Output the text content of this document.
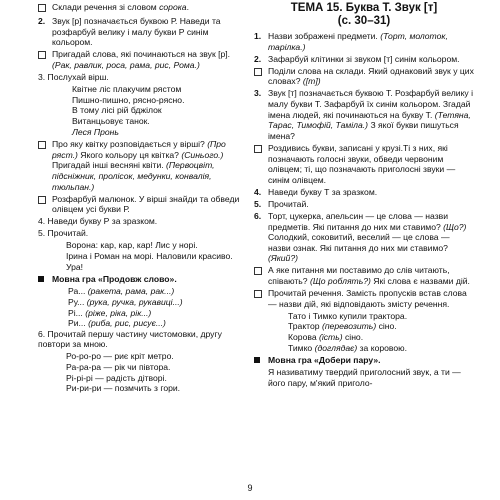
Склади речення зі словом сорока.
2. Звук [р] позначається буквою Р. Наведи та розфарбуй велику і малу букви Р синім кольором.
Пригадай слова, які починаються на звук [р]. (Рак, равлик, роса, рама, рис, Рома.)
3. Послухай вірш.
Квітне ліс плакучим рястом
Пишно-пишно, рясно-рясно.
В тому лісі рій бджілок
Витанцьовує танок.
Леся Пронь
Про яку квітку розповідається у вірші? (Про ряст.) Якого кольору ця квітка? (Синього.) Пригадай інші весняні квіти. (Первоцвіт, підсніжник, пролісок, медунки, конвалія, тюльпан.)
Розфарбуй малюнок. У вірші знайди та обведи олівцем усі букви Р.
4. Наведи букву Р за зразком.
5. Прочитай.
Ворона: кар, кар, кар! Лис у норі.
Ірина і Роман на морі. Наловили красиво. Ура!
Мовна гра «Продовж слово».
Ра... (ракета, рама, рак...)
Ру... (рука, ручка, рукавиці...)
Рі... (ріже, ріка, рік...)
Ри... (риба, рис, рисує...)
6. Прочитай першу частину чистомовки, другу повтори за мною.
Ро-ро-ро — риє кріт метро.
Ра-ра-ра — рік чи півтора.
Рі-рі-рі — радість дітворі.
Ри-ри-ри — позмчить з гори.
ТЕМА 15. Буква Т. Звук [т]
(с. 30–31)
1. Назви зображені предмети. (Торт, молоток, тарілка.)
2. Зафарбуй клітинки зі звуком [т] синім кольором.
Поділи слова на склади. Який однаковий звук у цих словах? ([т])
3. Звук [т] позначається буквою Т. Розфарбуй велику і малу букви Т. Зафарбуй їх синім кольором. Згадай імена людей, які починаються на букву Т. (Тетяна, Тарас, Тимофій, Таміла.) З якої букви пишуться імена?
Роздивись букви, записані у крузі.Ті з них, які позначають голосні звуки, обведи червоним олівцем; ті, що позначають приголосні звуки — синім олівцем.
4. Наведи букву Т за зразком.
5. Прочитай.
6. Торт, цукерка, апельсин — це слова — назви предметів. Які питання до них ми ставимо? (Що?) Солодкий, соковитий, веселий — це слова — назви ознак. Які питання до них ми ставимо? (Який?)
А яке питання ми поставимо до слів читають, співають? (Що роблять?) Які слова є назвами дій.
Прочитай речення. Замість пропусків встав слова — назви дій, які відповідають змісту речення.
Тато і Тимко купили трактора.
Трактор (перевозить) сіно.
Корова (їсть) сіно.
Тимко (доглядає) за коровою.
Мовна гра «Добери пару».
Я називатиму твердий приголосний звук, а ти — його пару, м'який приголо-
9
